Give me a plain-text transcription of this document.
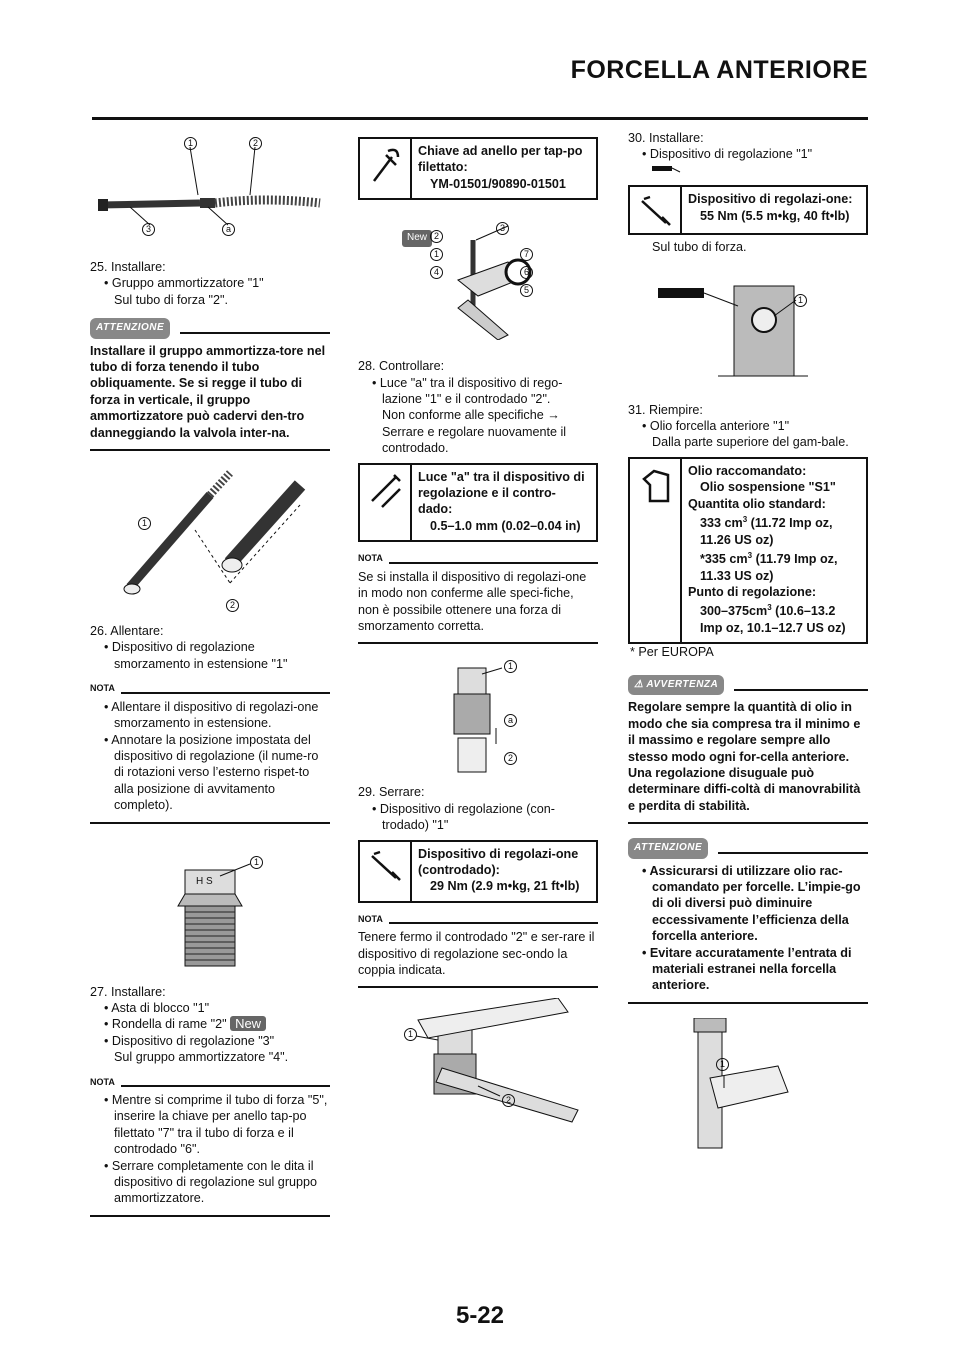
FORCELLA ANTERIORE
1	2
3	a
25. Installare:
• Gruppo ammortizzatore "1"
Sul tubo di forza "2".
ATTENZIONE
Installare il gruppo ammortizza-tore nel tubo di forza tenendo il tubo obliquamente. Se si regge il tubo di forza in verticale, il gruppo ammortizzatore può cadervi den-tro danneggiando la valvola inter-na.
1
2
26. Allentare:
• Dispositivo di regolazione smorzamento in estensione "1"
NOTA
• Allentare il dispositivo di regolazi-one smorzamento in estensione.
• Annotare la posizione impostata del dispositivo di regolazione (il nume-ro di rotazioni verso l’esterno rispet-to alla posizione di avvitamento completo).
H S
1
27. Installare:
• Asta di blocco "1"
• Rondella di rame "2" New
• Dispositivo di regolazione "3"
Sul gruppo ammortizzatore "4".
NOTA
• Mentre si comprime il tubo di forza "5", inserire la chiave per anello tap-po filettato "7" tra il tubo di forza e il controdado "6".
• Serrare completamente con le dita il dispositivo di regolazione sul gruppo ammortizzatore.
Chiave ad anello per tap-po filettato:
YM-01501/90890-01501
New 2
3
1	7
4	6
5
28. Controllare:
• Luce "a" tra il dispositivo di rego-lazione "1" e il controdado "2".
Non conforme alle specifiche →
Serrare e regolare nuovamente il controdado.
Luce "a" tra il dispositivo di regolazione e il contro-dado:
0.5–1.0 mm (0.02–0.04 in)
NOTA
Se si installa il dispositivo di regolazi-one in modo non conferme alle speci-fiche, non è possibile ottenere una forza di smorzamento corretta.
1
a
2
29. Serrare:
• Dispositivo di regolazione (con-trodado) "1"
Dispositivo di regolazi-one (controdado):
29 Nm (2.9 m•kg, 21 ft•lb)
NOTA
Tenere fermo il controdado "2" e ser-rare il dispositivo di regolazione sec-ondo la coppia indicata.
1
2
30. Installare:
• Dispositivo di regolazione "1"
Dispositivo di regolazi-one:
55 Nm (5.5 m•kg, 40 ft•lb)
Sul tubo di forza.
1
31. Riempire:
• Olio forcella anteriore "1"
Dalla parte superiore del gam-bale.
Olio raccomandato:
Olio sospensione "S1"
Quantita olio standard:
333 $cm^3$ (11.72 Imp oz, 11.26 US oz)
*335 $cm^3$ (11.79 Imp oz, 11.33 US oz)
Punto di regolazione:
$300-375cm^3$ (10.6–13.2 Imp oz, 10.1–12.7 US oz)
* Per EUROPA
⚠ AVVERTENZA
Regolare sempre la quantità di olio in modo che sia compresa tra il minimo e il massimo e regolare sempre allo stesso modo ogni for-cella anteriore. Una regolazione disuguale può determinare diffi-coltà di manovrabilità e perdita di stabilità.
ATTENZIONE
• Assicurarsi di utilizzare olio rac-comandato per forcelle. L’impie-go di oli diversi può diminuire eccessivamente l’efficienza della forcella anteriore.
• Evitare accuratamente l’entrata di materiali estranei nella forcella anteriore.
1
5-22
